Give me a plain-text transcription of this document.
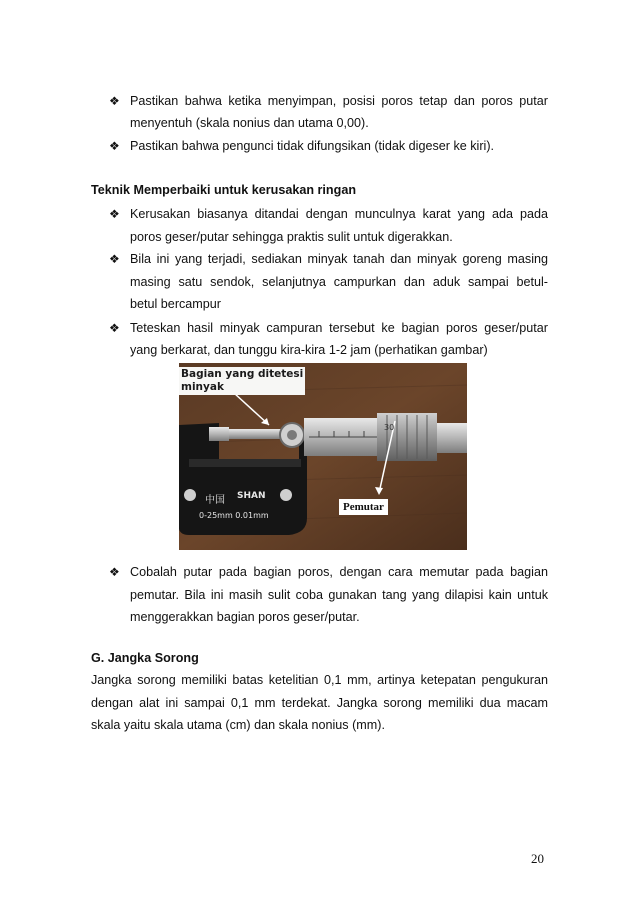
❖ Pastikan bahwa ketika menyimpan, posisi poros tetap dan poros putar
menyentuh (skala nonius dan utama 0,00).
❖ Pastikan bahwa pengunci tidak difungsikan (tidak digeser ke kiri).
Teknik Memperbaiki untuk kerusakan ringan
❖ Kerusakan biasanya ditandai dengan munculnya karat yang ada pada
poros geser/putar sehingga praktis sulit untuk digerakkan.
❖ Bila ini yang terjadi, sediakan minyak tanah dan minyak goreng masing
masing satu sendok, selanjutnya campurkan dan aduk sampai betul-
betul bercampur
❖ Teteskan hasil minyak campuran tersebut ke bagian poros geser/putar
yang berkarat, dan tunggu kira-kira 1-2 jam (perhatikan gambar)
中国 SHAN
0-25mm 0.01mm
30
Bagian yang ditetesi
minyak
Pemutar
❖ Cobalah putar pada bagian poros, dengan cara memutar pada bagian
pemutar. Bila ini masih sulit coba gunakan tang yang dilapisi kain untuk
menggerakkan bagian poros geser/putar.
G. Jangka Sorong
Jangka sorong memiliki batas ketelitian 0,1 mm, artinya ketepatan pengukuran
dengan alat ini sampai 0,1 mm terdekat. Jangka sorong memiliki dua macam
skala yaitu skala utama (cm) dan skala nonius (mm).
20
